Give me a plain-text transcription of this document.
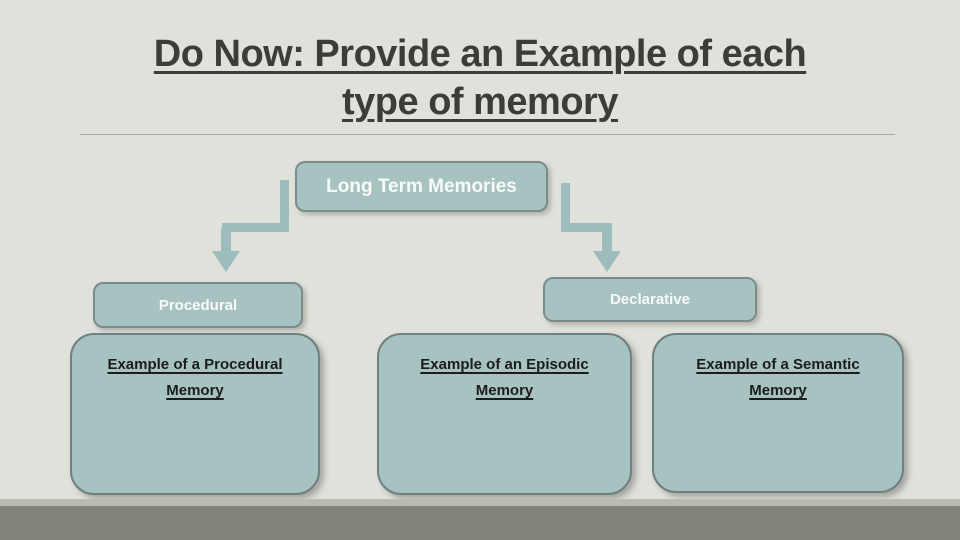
Do Now: Provide an Example of each
type of memory
Long Term Memories
Procedural	Declarative
Example of a Procedural
Memory
Example of an Episodic
Memory
Example of a Semantic
Memory
